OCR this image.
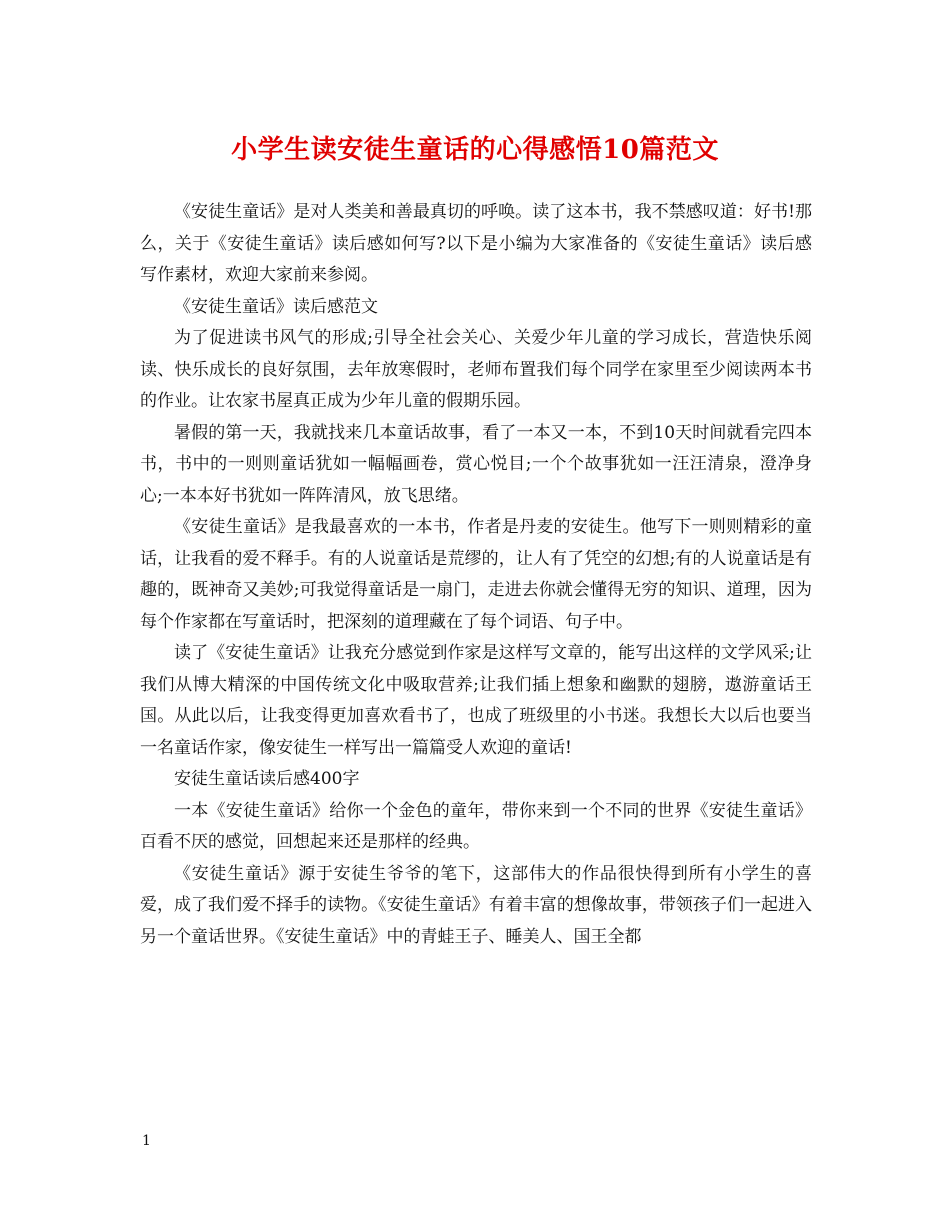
小学生读安徒生童话的心得感悟10篇范文

《安徒生童话》是对人类美和善最真切的呼唤。读了这本书，我不禁感叹道：好书!那么，关于《安徒生童话》读后感如何写?以下是小编为大家准备的《安徒生童话》读后感写作素材，欢迎大家前来参阅。

《安徒生童话》读后感范文

为了促进读书风气的形成;引导全社会关心、关爱少年儿童的学习成长，营造快乐阅读、快乐成长的良好氛围，去年放寒假时，老师布置我们每个同学在家里至少阅读两本书的作业。让农家书屋真正成为少年儿童的假期乐园。

暑假的第一天，我就找来几本童话故事，看了一本又一本，不到10天时间就看完四本书，书中的一则则童话犹如一幅幅画卷，赏心悦目;一个个故事犹如一汪汪清泉，澄净身心;一本本好书犹如一阵阵清风，放飞思绪。

《安徒生童话》是我最喜欢的一本书，作者是丹麦的安徒生。他写下一则则精彩的童话，让我看的爱不释手。有的人说童话是荒缪的，让人有了凭空的幻想;有的人说童话是有趣的，既神奇又美妙;可我觉得童话是一扇门，走进去你就会懂得无穷的知识、道理，因为每个作家都在写童话时，把深刻的道理藏在了每个词语、句子中。

读了《安徒生童话》让我充分感觉到作家是这样写文章的，能写出这样的文学风采;让我们从博大精深的中国传统文化中吸取营养;让我们插上想象和幽默的翅膀，遨游童话王国。从此以后，让我变得更加喜欢看书了，也成了班级里的小书迷。我想长大以后也要当一名童话作家，像安徒生一样写出一篇篇受人欢迎的童话!

安徒生童话读后感400字

一本《安徒生童话》给你一个金色的童年，带你来到一个不同的世界《安徒生童话》百看不厌的感觉，回想起来还是那样的经典。

《安徒生童话》源于安徒生爷爷的笔下，这部伟大的作品很快得到所有小学生的喜爱，成了我们爱不择手的读物。《安徒生童话》有着丰富的想像故事，带领孩子们一起进入另一个童话世界。《安徒生童话》中的青蛙王子、睡美人、国王全都

1
